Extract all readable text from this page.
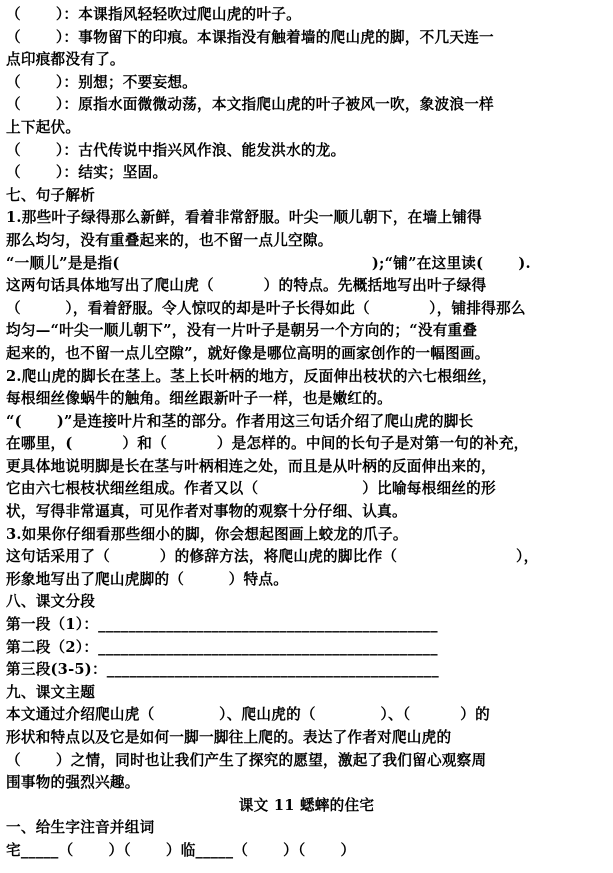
（　　 ）：本课指风轻轻吹过爬山虎的叶子。
（　　 ）：事物留下的印痕。本课指没有触着墙的爬山虎的脚，不几天连一
点印痕都没有了。
（　　 ）：别想；不要妄想。
（　　 ）：原指水面微微动荡，本文指爬山虎的叶子被风一吹，象波浪一样
上下起伏。
（　　 ）：古代传说中指兴风作浪、能发洪水的龙。
（　　 ）：结实；坚固。
七、句子解析
1.那些叶子绿得那么新鲜，看着非常舒服。叶尖一顺儿朝下，在墙上铺得
那么均匀，没有重叠起来的，也不留一点儿空隙。
“一顺儿”是是指(　　　　　　　　　　　　　　　　　);“铺”在这里读(　　 ).
这两句话具体地写出了爬山虎（　　　 ）的特点。先概括地写出叶子绿得
（　　　），看着舒服。令人惊叹的却是叶子长得如此（　　　　），铺排得那么
均匀—“叶尖一顺儿朝下”，没有一片叶子是朝另一个方向的；“没有重叠
起来的，也不留一点儿空隙”，就好像是哪位高明的画家创作的一幅图画。
2.爬山虎的脚长在茎上。茎上长叶柄的地方，反面伸出枝状的六七根细丝，
每根细丝像蜗牛的触角。细丝跟新叶子一样，也是嫩红的。
“(　　 )”是连接叶片和茎的部分。作者用这三句话介绍了爬山虎的脚长
在哪里，(　　　 ）和（　　　 ）是怎样的。中间的长句子是对第一句的补充，
更具体地说明脚是长在茎与叶柄相连之处，而且是从叶柄的反面伸出来的，
它由六七根枝状细丝组成。作者又以（　　　　　　　）比喻每根细丝的形
状，写得非常逼真，可见作者对事物的观察十分仔细、认真。
3.如果你仔细看那些细小的脚，你会想起图画上蛟龙的爪子。
这句话采用了（　　　 ）的修辞方法，将爬山虎的脚比作（　　　　　　　　），
形象地写出了爬山虎脚的（　　　）特点。
八、课文分段
第一段（1）：_____________________________________________
第二段（2）：_____________________________________________
第三段(3-5)：____________________________________________
九、课文主题
本文通过介绍爬山虎（　　　　 ）、爬山虎的（　　　　 ）、（　　　 ）的
形状和特点以及它是如何一脚一脚往上爬的。表达了作者对爬山虎的
（　　 ）之情，同时也让我们产生了探究的愿望，激起了我们留心观察周
围事物的强烈兴趣。
课文 11 蟋蟀的住宅
一、给生字注音并组词
宅_____（　　 ）（　　 ）临_____（　　 ）（　　 ）
